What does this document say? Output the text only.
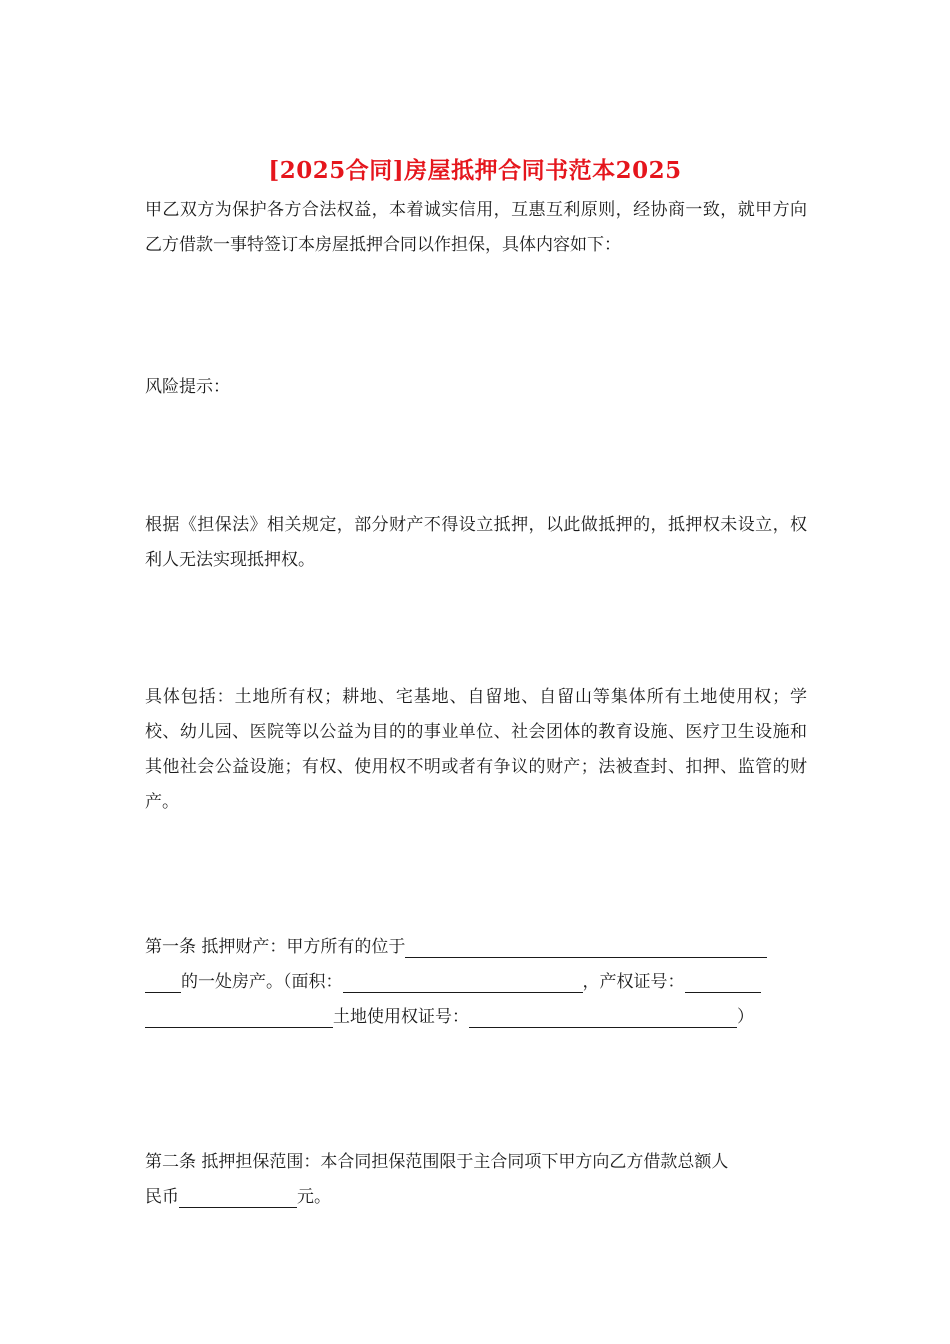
[2025合同]房屋抵押合同书范本2025
甲乙双方为保护各方合法权益，本着诚实信用，互惠互利原则，经协商一致，就甲方向乙方借款一事特签订本房屋抵押合同以作担保，具体内容如下：
风险提示：
根据《担保法》相关规定，部分财产不得设立抵押，以此做抵押的，抵押权未设立，权利人无法实现抵押权。
具体包括：土地所有权；耕地、宅基地、自留地、自留山等集体所有土地使用权；学校、幼儿园、医院等以公益为目的的事业单位、社会团体的教育设施、医疗卫生设施和其他社会公益设施；有权、使用权不明或者有争议的财产；法被查封、扣押、监管的财产。
第一条 抵押财产：甲方所有的位于
的一处房产。（面积：	，产权证号：
土地使用权证号：	）
第二条 抵押担保范围：本合同担保范围限于主合同项下甲方向乙方借款总额人
民币	元。
